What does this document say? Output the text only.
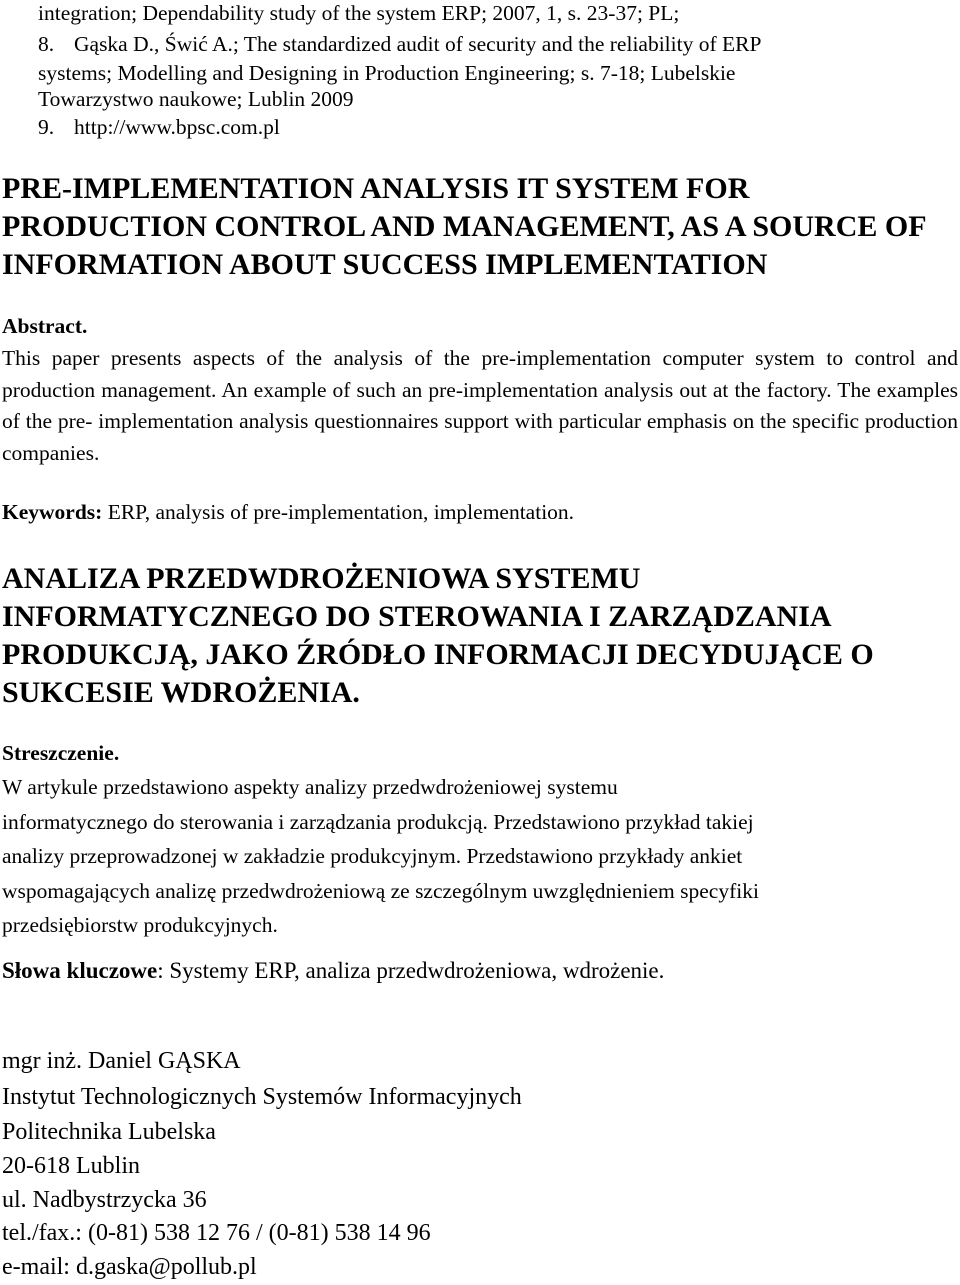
integration; Dependability study of the system ERP; 2007, 1, s. 23-37; PL;
8. Gąska D., Świć A.; The standardized audit of security and the reliability of ERP
systems; Modelling and Designing in Production Engineering; s. 7-18; Lubelskie
Towarzystwo naukowe; Lublin 2009
9. http://www.bpsc.com.pl
PRE-IMPLEMENTATION ANALYSIS IT SYSTEM FOR PRODUCTION CONTROL AND MANAGEMENT, AS A SOURCE OF INFORMATION ABOUT SUCCESS IMPLEMENTATION
Abstract.

This paper presents aspects of the analysis of the pre-implementation computer system to control and production management. An example of such an pre-implementation analysis out at the factory. The examples of the pre- implementation analysis questionnaires support with particular emphasis on the specific production companies.

Keywords: ERP, analysis of pre-implementation, implementation.
ANALIZA PRZEDWDROŻENIOWA SYSTEMU INFORMATYCZNEGO DO STEROWANIA I ZARZĄDZANIA PRODUKCJĄ, JAKO ŹRÓDŁO INFORMACJI DECYDUJĄCE O SUKCESIE WDROŻENIA.
Streszczenie.

W artykule przedstawiono aspekty analizy przedwdrożeniowej systemu
informatycznego do sterowania i zarządzania produkcją. Przedstawiono przykład takiej
analizy przeprowadzonej w zakładzie produkcyjnym. Przedstawiono przykłady ankiet
wspomagających analizę przedwdrożeniową ze szczególnym uwzględnieniem specyfiki
przedsiębiorstw produkcyjnych.

Słowa kluczowe: Systemy ERP, analiza przedwdrożeniowa, wdrożenie.
mgr inż. Daniel GĄSKA
Instytut Technologicznych Systemów Informacyjnych
Politechnika Lubelska
20-618 Lublin
ul. Nadbystrzycka 36
tel./fax.: (0-81) 538 12 76 / (0-81) 538 14 96
e-mail: d.gaska@pollub.pl
